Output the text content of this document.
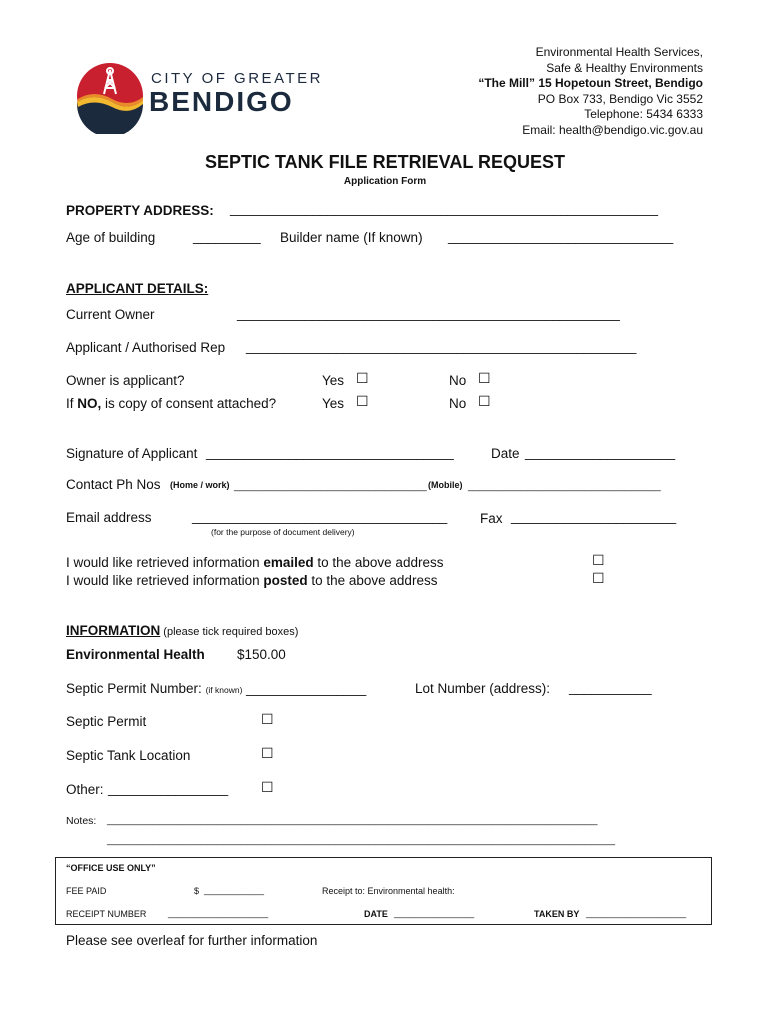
CITY OF GREATER
BENDIGO
Environmental Health Services,
Safe & Healthy Environments
“The Mill” 15 Hopetoun Street, Bendigo
PO Box 733, Bendigo Vic 3552
Telephone: 5434 6333
Email: health@bendigo.vic.gov.au
SEPTIC TANK FILE RETRIEVAL REQUEST
Application Form
PROPERTY ADDRESS: _________________________________________________________
Age of building	_________ Builder name (If known) ______________________________
APPLICANT DETAILS:
Current Owner	___________________________________________________
Applicant / Authorised Rep ____________________________________________________
Owner is applicant?	Yes ☐	No ☐
If NO, is copy of consent attached?	Yes ☐	No ☐
Signature of Applicant _________________________________	Date ____________________
Contact Ph Nos (Home / work) _________________________________ (Mobile) _________________________________
Email address	__________________________________
(for the purpose of document delivery)
Fax ______________________
I would like retrieved information emailed to the above address	☐
I would like retrieved information posted to the above address	☐
INFORMATION (please tick required boxes)
Environmental Health $150.00
Septic Permit Number: (if known) ________________	Lot Number (address): ___________
Septic Permit	☐
Septic Tank Location	☐
Other: ________________ ☐
Notes: ____________________________________________________________________________________
_______________________________________________________________________________________
“OFFICE USE ONLY”
FEE PAID	$ ____________	Receipt to: Environmental health:
RECEIPT NUMBER ____________________	DATE ________________	TAKEN BY ____________________
Please see overleaf for further information
